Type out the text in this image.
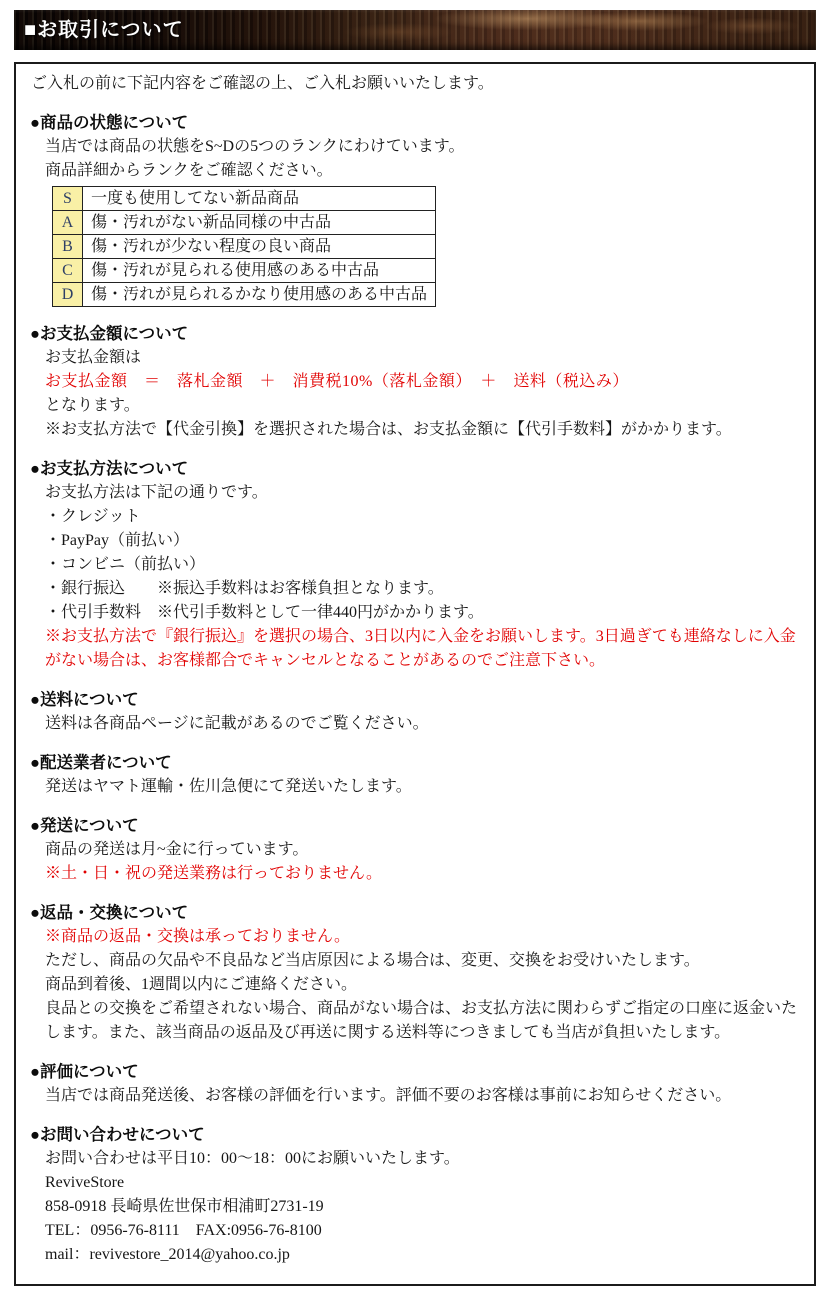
■お取引について
ご入札の前に下記内容をご確認の上、ご入札お願いいたします。
●商品の状態について
当店では商品の状態をS~Dの5つのランクにわけています。
商品詳細からランクをご確認ください。
S	一度も使用してない新品商品
A	傷・汚れがない新品同様の中古品
B	傷・汚れが少ない程度の良い商品
C	傷・汚れが見られる使用感のある中古品
D	傷・汚れが見られるかなり使用感のある中古品
●お支払金額について
お支払金額は
お支払金額　＝　落札金額　＋　消費税10%（落札金額）　＋　送料（税込み）
となります。
※お支払方法で【代金引換】を選択された場合は、お支払金額に【代引手数料】がかかります。
●お支払方法について
お支払方法は下記の通りです。
・クレジット
・PayPay（前払い）
・コンビニ（前払い）
・銀行振込　　※振込手数料はお客様負担となります。
・代引手数料　※代引手数料として一律440円がかかります。
※お支払方法で『銀行振込』を選択の場合、3日以内に入金をお願いします。3日過ぎても連絡なしに入金がない場合は、お客様都合でキャンセルとなることがあるのでご注意下さい。
●送料について
送料は各商品ページに記載があるのでご覧ください。
●配送業者について
発送はヤマト運輸・佐川急便にて発送いたします。
●発送について
商品の発送は月~金に行っています。
※土・日・祝の発送業務は行っておりません。
●返品・交換について
※商品の返品・交換は承っておりません。
ただし、商品の欠品や不良品など当店原因による場合は、変更、交換をお受けいたします。
商品到着後、1週間以内にご連絡ください。
良品との交換をご希望されない場合、商品がない場合は、お支払方法に関わらずご指定の口座に返金いたします。また、該当商品の返品及び再送に関する送料等につきましても当店が負担いたします。
●評価について
当店では商品発送後、お客様の評価を行います。評価不要のお客様は事前にお知らせください。
●お問い合わせについて
お問い合わせは平日10：00～18：00にお願いいたします。
ReviveStore
858-0918 長崎県佐世保市相浦町2731-19
TEL：0956-76-8111　FAX:0956-76-8100
mail：revivestore_2014@yahoo.co.jp
